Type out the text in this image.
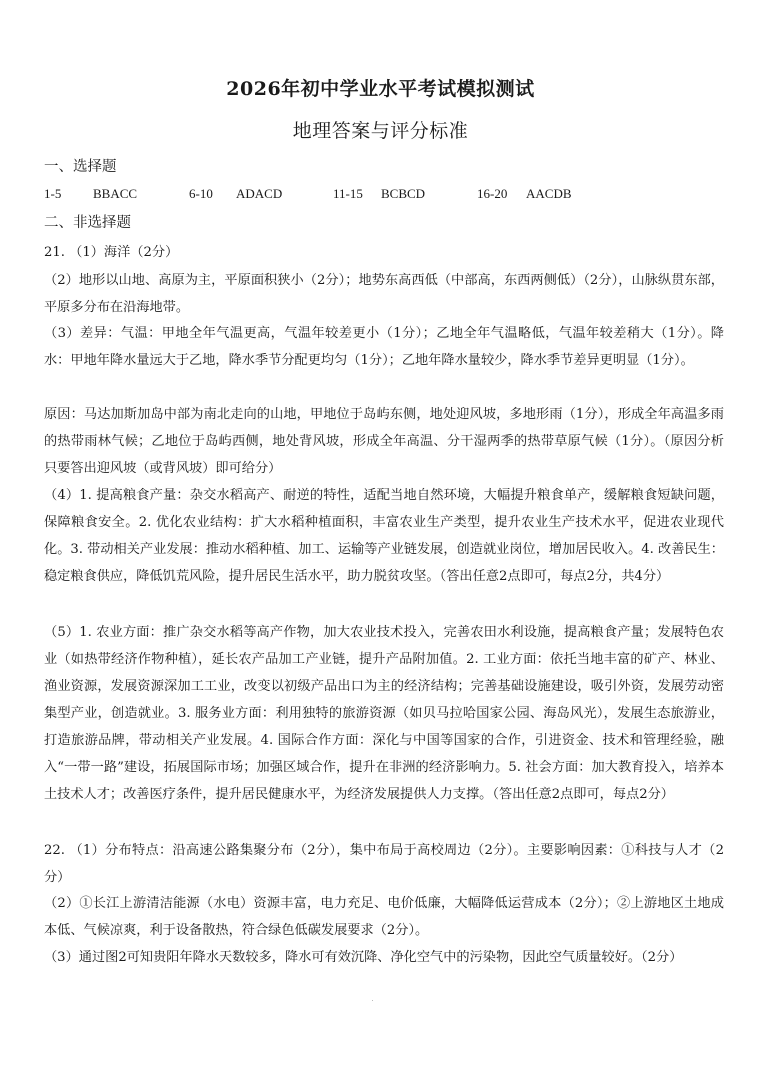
2026年初中学业水平考试模拟测试
地理答案与评分标准
一、选择题
1-5 BBACC	6-10 ADACD	11-15 BCBCD	16-20 AACDB
二、非选择题
21. （1）海洋（2分）
（2）地形以山地、高原为主，平原面积狭小（2分）；地势东高西低（中部高，东西两侧低）（2分），山脉纵贯东部，平原多分布在沿海地带。
（3）差异：气温：甲地全年气温更高，气温年较差更小（1分）；乙地全年气温略低，气温年较差稍大（1分）。降水：甲地年降水量远大于乙地，降水季节分配更均匀（1分）；乙地年降水量较少，降水季节差异更明显（1分）。
原因：马达加斯加岛中部为南北走向的山地，甲地位于岛屿东侧，地处迎风坡，多地形雨（1分），形成全年高温多雨的热带雨林气候；乙地位于岛屿西侧，地处背风坡，形成全年高温、分干湿两季的热带草原气候（1分）。（原因分析只要答出迎风坡（或背风坡）即可给分）
（4）1. 提高粮食产量：杂交水稻高产、耐逆的特性，适配当地自然环境，大幅提升粮食单产，缓解粮食短缺问题，保障粮食安全。2. 优化农业结构：扩大水稻种植面积，丰富农业生产类型，提升农业生产技术水平，促进农业现代化。3. 带动相关产业发展：推动水稻种植、加工、运输等产业链发展，创造就业岗位，增加居民收入。4. 改善民生：稳定粮食供应，降低饥荒风险，提升居民生活水平，助力脱贫攻坚。（答出任意2点即可，每点2分，共4分）
（5）1. 农业方面：推广杂交水稻等高产作物，加大农业技术投入，完善农田水利设施，提高粮食产量；发展特色农业（如热带经济作物种植），延长农产品加工产业链，提升产品附加值。2. 工业方面：依托当地丰富的矿产、林业、渔业资源，发展资源深加工工业，改变以初级产品出口为主的经济结构；完善基础设施建设，吸引外资，发展劳动密集型产业，创造就业。3. 服务业方面：利用独特的旅游资源（如贝马拉哈国家公园、海岛风光），发展生态旅游业，打造旅游品牌，带动相关产业发展。4. 国际合作方面：深化与中国等国家的合作，引进资金、技术和管理经验，融入“一带一路”建设，拓展国际市场；加强区域合作，提升在非洲的经济影响力。5. 社会方面：加大教育投入，培养本土技术人才；改善医疗条件，提升居民健康水平，为经济发展提供人力支撑。（答出任意2点即可，每点2分）
22. （1）分布特点：沿高速公路集聚分布（2分），集中布局于高校周边（2分）。主要影响因素：①科技与人才（2分）
（2）①长江上游清洁能源（水电）资源丰富，电力充足、电价低廉，大幅降低运营成本（2分）；②上游地区土地成本低、气候凉爽，利于设备散热，符合绿色低碳发展要求（2分）。
（3）通过图2可知贵阳年降水天数较多，降水可有效沉降、净化空气中的污染物，因此空气质量较好。（2分）
